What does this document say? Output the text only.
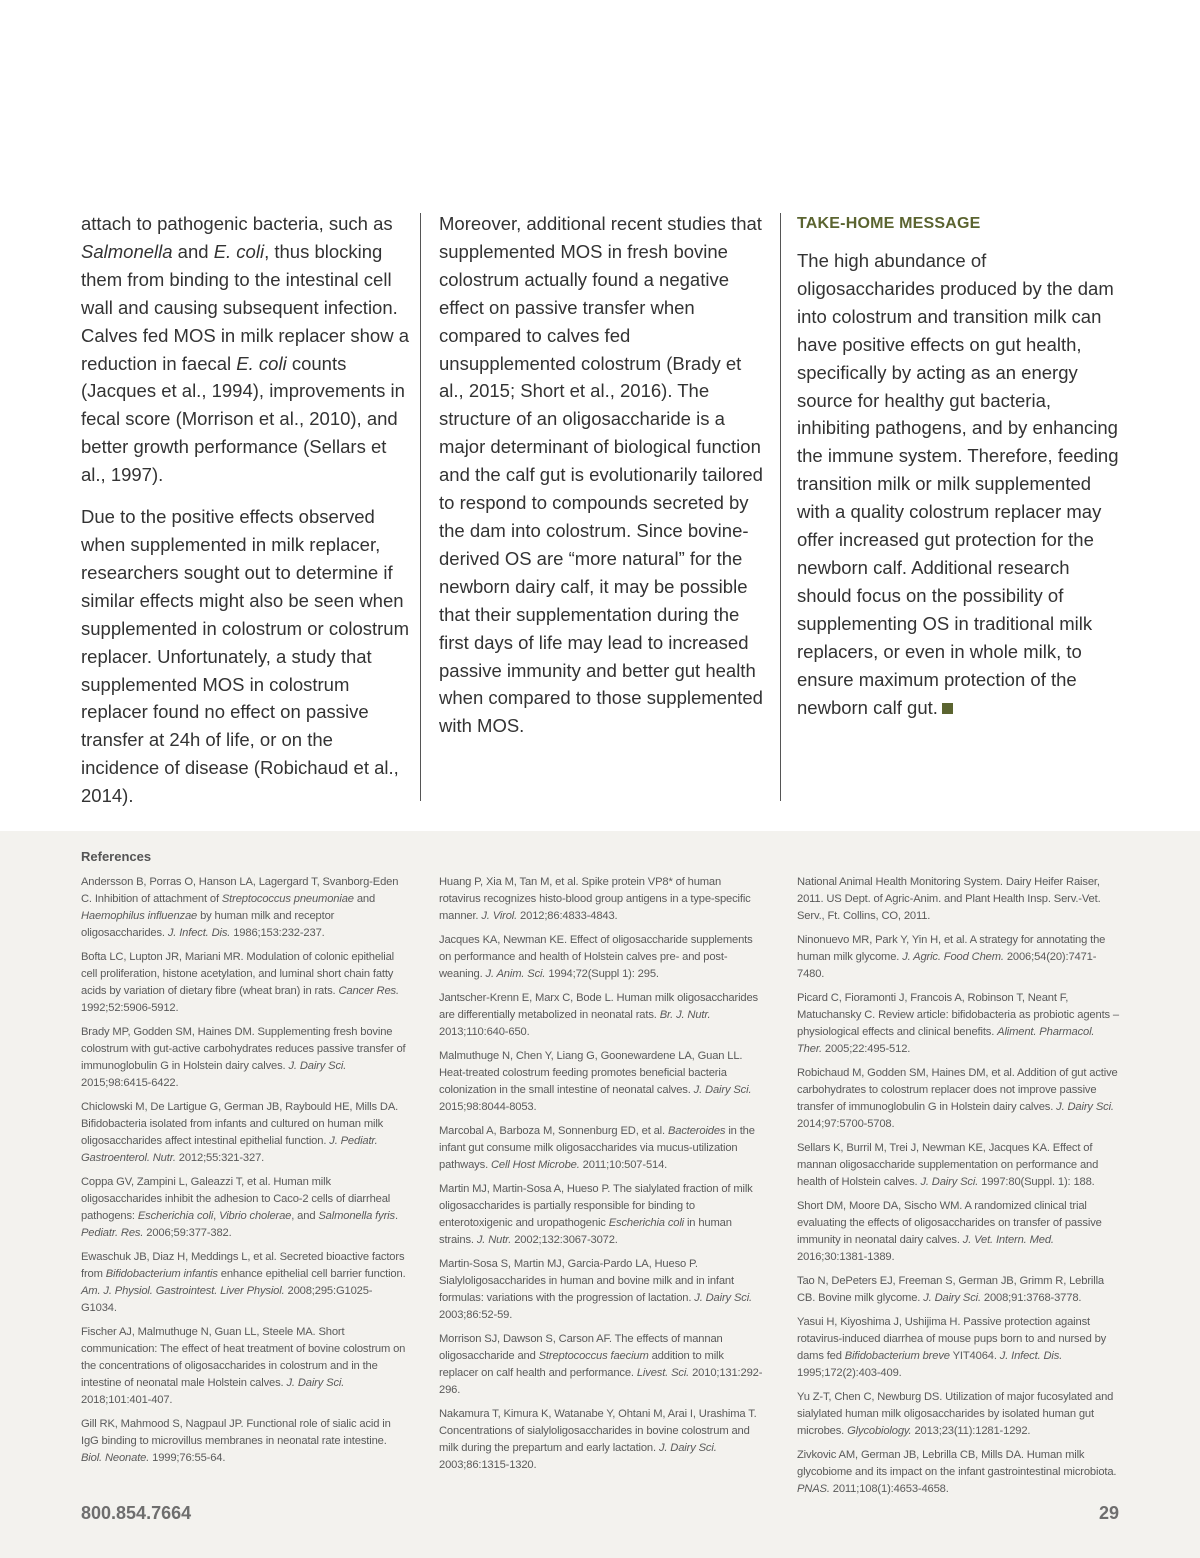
attach to pathogenic bacteria, such as Salmonella and E. coli, thus blocking them from binding to the intestinal cell wall and causing subsequent infection. Calves fed MOS in milk replacer show a reduction in faecal E. coli counts (Jacques et al., 1994), improvements in fecal score (Morrison et al., 2010), and better growth performance (Sellars et al., 1997).

Due to the positive effects observed when supplemented in milk replacer, researchers sought out to determine if similar effects might also be seen when supplemented in colostrum or colostrum replacer. Unfortunately, a study that supplemented MOS in colostrum replacer found no effect on passive transfer at 24h of life, or on the incidence of disease (Robichaud et al., 2014).

Moreover, additional recent studies that supplemented MOS in fresh bovine colostrum actually found a negative effect on passive transfer when compared to calves fed unsupplemented colostrum (Brady et al., 2015; Short et al., 2016). The structure of an oligosaccharide is a major determinant of biological function and the calf gut is evolutionarily tailored to respond to compounds secreted by the dam into colostrum. Since bovine-derived OS are “more natural” for the newborn dairy calf, it may be possible that their supplementation during the first days of life may lead to increased passive immunity and better gut health when compared to those supplemented with MOS.

TAKE-HOME MESSAGE

The high abundance of oligosaccharides produced by the dam into colostrum and transition milk can have positive effects on gut health, specifically by acting as an energy source for healthy gut bacteria, inhibiting pathogens, and by enhancing the immune system. Therefore, feeding transition milk or milk supplemented with a quality colostrum replacer may offer increased gut protection for the newborn calf. Additional research should focus on the possibility of supplementing OS in traditional milk replacers, or even in whole milk, to ensure maximum protection of the newborn calf gut.

References

Andersson B, Porras O, Hanson LA, Lagergard T, Svanborg-Eden C. Inhibition of attachment of Streptococcus pneumoniae and Haemophilus influenzae by human milk and receptor oligosaccharides. J. Infect. Dis. 1986;153:232-237.

Bofta LC, Lupton JR, Mariani MR. Modulation of colonic epithelial cell proliferation, histone acetylation, and luminal short chain fatty acids by variation of dietary fibre (wheat bran) in rats. Cancer Res. 1992;52:5906-5912.

Brady MP, Godden SM, Haines DM. Supplementing fresh bovine colostrum with gut-active carbohydrates reduces passive transfer of immunoglobulin G in Holstein dairy calves. J. Dairy Sci. 2015;98:6415-6422.

Chiclowski M, De Lartigue G, German JB, Raybould HE, Mills DA. Bifidobacteria isolated from infants and cultured on human milk oligosaccharides affect intestinal epithelial function. J. Pediatr. Gastroenterol. Nutr. 2012;55:321-327.

Coppa GV, Zampini L, Galeazzi T, et al. Human milk oligosaccharides inhibit the adhesion to Caco-2 cells of diarrheal pathogens: Escherichia coli, Vibrio cholerae, and Salmonella fyris. Pediatr. Res. 2006;59:377-382.

Ewaschuk JB, Diaz H, Meddings L, et al. Secreted bioactive factors from Bifidobacterium infantis enhance epithelial cell barrier function. Am. J. Physiol. Gastrointest. Liver Physiol. 2008;295:G1025-G1034.

Fischer AJ, Malmuthuge N, Guan LL, Steele MA. Short communication: The effect of heat treatment of bovine colostrum on the concentrations of oligosaccharides in colostrum and in the intestine of neonatal male Holstein calves. J. Dairy Sci. 2018;101:401-407.

Gill RK, Mahmood S, Nagpaul JP. Functional role of sialic acid in IgG binding to microvillus membranes in neonatal rate intestine. Biol. Neonate. 1999;76:55-64.

Huang P, Xia M, Tan M, et al. Spike protein VP8* of human rotavirus recognizes histo-blood group antigens in a type-specific manner. J. Virol. 2012;86:4833-4843.

Jacques KA, Newman KE. Effect of oligosaccharide supplements on performance and health of Holstein calves pre- and post-weaning. J. Anim. Sci. 1994;72(Suppl 1): 295.

Jantscher-Krenn E, Marx C, Bode L. Human milk oligosaccharides are differentially metabolized in neonatal rats. Br. J. Nutr. 2013;110:640-650.

Malmuthuge N, Chen Y, Liang G, Goonewardene LA, Guan LL. Heat-treated colostrum feeding promotes beneficial bacteria colonization in the small intestine of neonatal calves. J. Dairy Sci. 2015;98:8044-8053.

Marcobal A, Barboza M, Sonnenburg ED, et al. Bacteroides in the infant gut consume milk oligosaccharides via mucus-utilization pathways. Cell Host Microbe. 2011;10:507-514.

Martin MJ, Martin-Sosa A, Hueso P. The sialylated fraction of milk oligosaccharides is partially responsible for binding to enterotoxigenic and uropathogenic Escherichia coli in human strains. J. Nutr. 2002;132:3067-3072.

Martin-Sosa S, Martin MJ, Garcia-Pardo LA, Hueso P. Sialyloligosaccharides in human and bovine milk and in infant formulas: variations with the progression of lactation. J. Dairy Sci. 2003;86:52-59.

Morrison SJ, Dawson S, Carson AF. The effects of mannan oligosaccharide and Streptococcus faecium addition to milk replacer on calf health and performance. Livest. Sci. 2010;131:292-296.

Nakamura T, Kimura K, Watanabe Y, Ohtani M, Arai I, Urashima T. Concentrations of sialyloligosaccharides in bovine colostrum and milk during the prepartum and early lactation. J. Dairy Sci. 2003;86:1315-1320.

National Animal Health Monitoring System. Dairy Heifer Raiser, 2011. US Dept. of Agric-Anim. and Plant Health Insp. Serv.-Vet. Serv., Ft. Collins, CO, 2011.

Ninonuevo MR, Park Y, Yin H, et al. A strategy for annotating the human milk glycome. J. Agric. Food Chem. 2006;54(20):7471-7480.

Picard C, Fioramonti J, Francois A, Robinson T, Neant F, Matuchansky C. Review article: bifidobacteria as probiotic agents – physiological effects and clinical benefits. Aliment. Pharmacol. Ther. 2005;22:495-512.

Robichaud M, Godden SM, Haines DM, et al. Addition of gut active carbohydrates to colostrum replacer does not improve passive transfer of immunoglobulin G in Holstein dairy calves. J. Dairy Sci. 2014;97:5700-5708.

Sellars K, Burril M, Trei J, Newman KE, Jacques KA. Effect of mannan oligosaccharide supplementation on performance and health of Holstein calves. J. Dairy Sci. 1997:80(Suppl. 1): 188.

Short DM, Moore DA, Sischo WM. A randomized clinical trial evaluating the effects of oligosaccharides on transfer of passive immunity in neonatal dairy calves. J. Vet. Intern. Med. 2016;30:1381-1389.

Tao N, DePeters EJ, Freeman S, German JB, Grimm R, Lebrilla CB. Bovine milk glycome. J. Dairy Sci. 2008;91:3768-3778.

Yasui H, Kiyoshima J, Ushijima H. Passive protection against rotavirus-induced diarrhea of mouse pups born to and nursed by dams fed Bifidobacterium breve YIT4064. J. Infect. Dis. 1995;172(2):403-409.

Yu Z-T, Chen C, Newburg DS. Utilization of major fucosylated and sialylated human milk oligosaccharides by isolated human gut microbes. Glycobiology. 2013;23(11):1281-1292.

Zivkovic AM, German JB, Lebrilla CB, Mills DA. Human milk glycobiome and its impact on the infant gastrointestinal microbiota. PNAS. 2011;108(1):4653-4658.

800.854.7664	29
